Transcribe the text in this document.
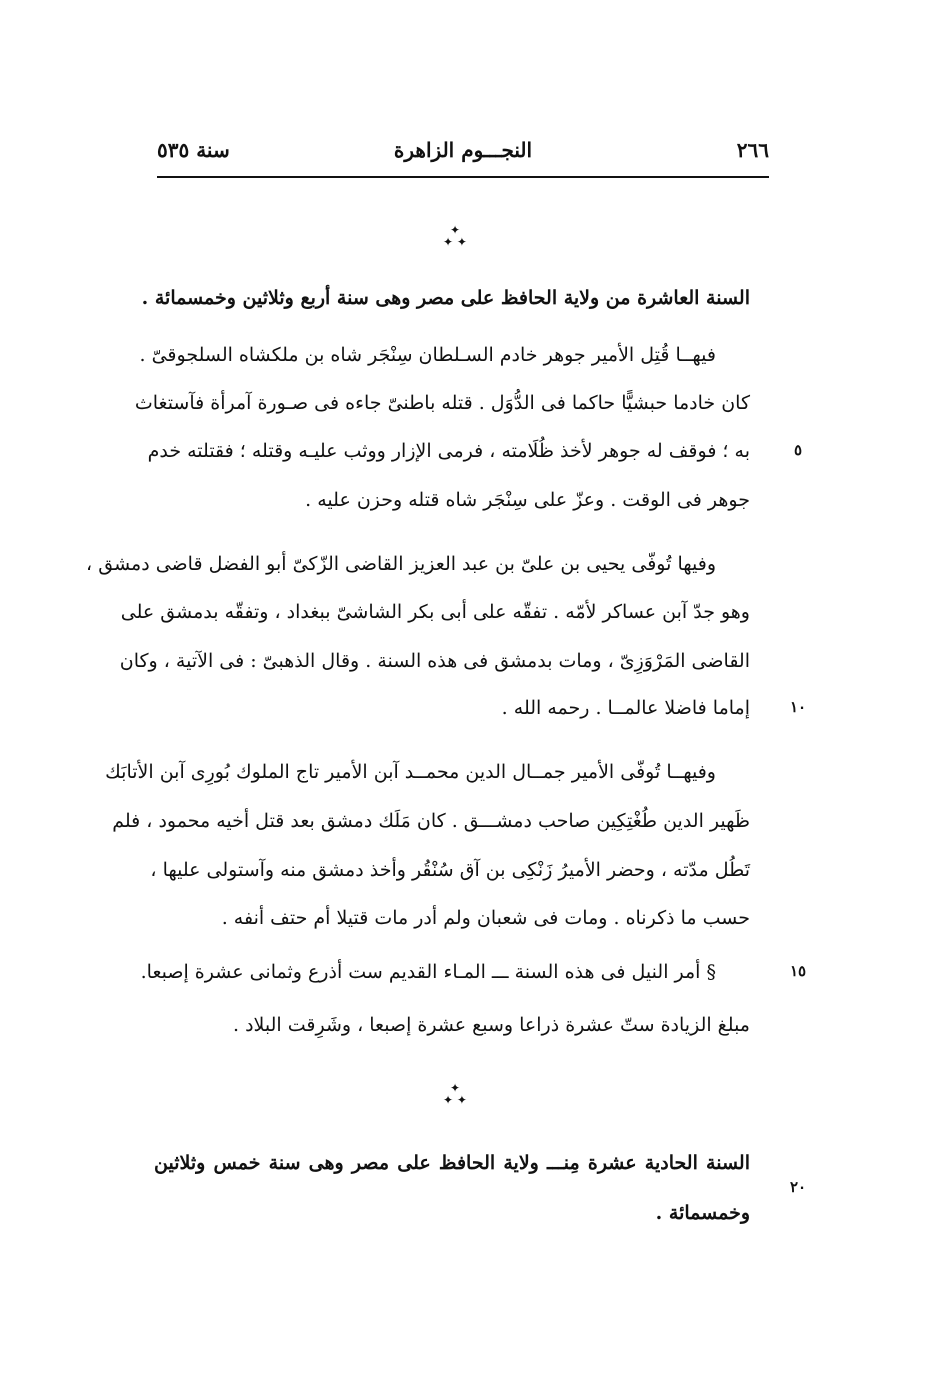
٢٦٦
النجـــوم الزاهرة
سنة ٥٣٥
✦
✦ ✦
السنة العاشرة من ولاية الحافظ على مصر وهى سنة أربع وثلاثين وخمسمائة .
فيهــا قُتِل الأمير جوهر خادم السـلطان سِنْجَر شاه بن ملكشاه السلجوقىّ .
كان خادما حبشيًّا حاكما فى الدُّوَل . قتله باطنىّ جاءه فى صـورة آمرأة فآستغاث
به ؛ فوقف له جوهر لأخذ ظُلَامته ، فرمى الإزار ووثب عليـه وقتله ؛ فقتلته خدم
جوهر فى الوقت . وعزّ على سِنْجَر شاه قتله وحزن عليه .
وفيها تُوفّى يحيى بن علىّ بن عبد العزيز القاضى الزّكىّ أبو الفضل قاضى دمشق ،
وهو جدّ آبن عساكر لأمّه . تفقّه على أبى بكر الشاشىّ ببغداد ، وتفقّه بدمشق على
القاضى المَرْوَزِىّ ، ومات بدمشق فى هذه السنة . وقال الذهبىّ : فى الآتية ، وكان
إماما فاضلا عالمــا . رحمه الله .
وفيهــا تُوفّى الأمير جمــال الدين محمــد آبن الأمير تاج الملوك بُورِى آبن الأتابَك
ظَهير الدين طُغْتِكِين صاحب دمشـــق . كان مَلَك دمشق بعد قتل أخيه محمود ، فلم
تَطُل مدّته ، وحضر الأميرُ زَنْكِى بن آق سُنْقُر وأخذ دمشق منه وآستولى عليها ،
حسب ما ذكرناه . ومات فى شعبان ولم أدر مات قتيلا أم حتف أنفه .
§ أمر النيل فى هذه السنة ـــ المـاء القديم ست أذرع وثمانى عشرة إصبعا.
مبلغ الزيادة ستّ عشرة ذراعا وسبع عشرة إصبعا ، وشَرِقت البلاد .
✦
✦ ✦
السنة الحادية عشرة مِنـــ ولاية الحافظ على مصر وهى سنة خمس وثلاثين
وخمسمائة .
٥
١٠
١٥
٢٠
